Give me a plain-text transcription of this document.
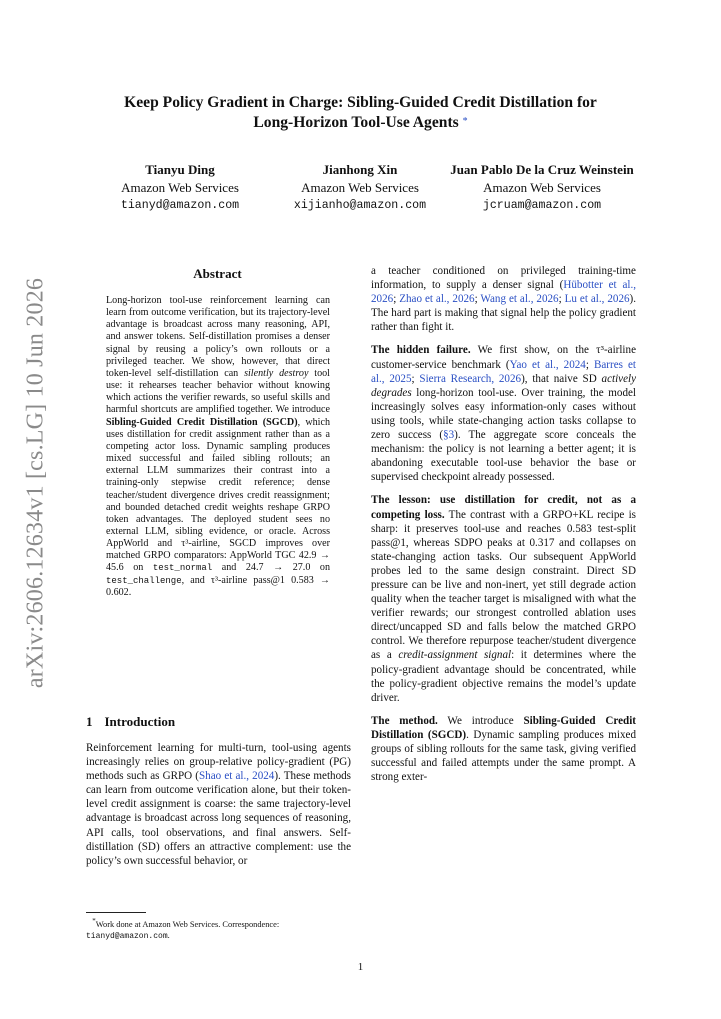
arXiv:2606.12634v1 [cs.LG] 10 Jun 2026
Keep Policy Gradient in Charge: Sibling-Guided Credit Distillation for
Long-Horizon Tool-Use Agents *
Tianyu Ding
Amazon Web Services
tianyd@amazon.com
Jianhong Xin
Amazon Web Services
xijianho@amazon.com
Juan Pablo De la Cruz Weinstein
Amazon Web Services
jcruam@amazon.com
Abstract
Long-horizon tool-use reinforcement learning can learn from outcome verification, but its trajectory-level advantage is broadcast across many reasoning, API, and answer tokens. Self-distillation promises a denser signal by reusing a policy’s own rollouts or a privileged teacher. We show, however, that direct token-level self-distillation can silently destroy tool use: it rehearses teacher behavior without knowing which actions the verifier rewards, so useful skills and harmful shortcuts are amplified together. We introduce Sibling-Guided Credit Distillation (SGCD), which uses distillation for credit assignment rather than as a competing actor loss. Dynamic sampling produces mixed successful and failed sibling rollouts; an external LLM summarizes their contrast into a training-only stepwise credit reference; dense teacher/student divergence drives credit reassignment; and bounded detached credit weights reshape GRPO token advantages. The deployed student sees no external LLM, sibling evidence, or oracle. Across AppWorld and τ³-airline, SGCD improves over matched GRPO comparators: AppWorld TGC 42.9 → 45.6 on test_normal and 24.7 → 27.0 on test_challenge, and τ³-airline pass@1 0.583 → 0.602.
1 Introduction
Reinforcement learning for multi-turn, tool-using agents increasingly relies on group-relative policy-gradient (PG) methods such as GRPO (Shao et al., 2024). These methods can learn from outcome verification alone, but their token-level credit assignment is coarse: the same trajectory-level advantage is broadcast across long sequences of reasoning, API calls, tool observations, and final answers. Self-distillation (SD) offers an attractive complement: use the policy’s own successful behavior, or
*Work done at Amazon Web Services. Correspondence: tianyd@amazon.com.

a teacher conditioned on privileged training-time information, to supply a denser signal (Hübotter et al., 2026; Zhao et al., 2026; Wang et al., 2026; Lu et al., 2026). The hard part is making that signal help the policy gradient rather than fight it.

The hidden failure. We first show, on the τ³-airline customer-service benchmark (Yao et al., 2024; Barres et al., 2025; Sierra Research, 2026), that naive SD actively degrades long-horizon tool-use. Over training, the model increasingly solves easy information-only cases without using tools, while state-changing action tasks collapse to zero success (§3). The aggregate score conceals the mechanism: the policy is not learning a better agent; it is abandoning executable tool-use behavior the base or supervised checkpoint already possessed.

The lesson: use distillation for credit, not as a competing loss. The contrast with a GRPO+KL recipe is sharp: it preserves tool-use and reaches 0.583 test-split pass@1, whereas SDPO peaks at 0.317 and collapses on state-changing action tasks. Our subsequent AppWorld probes led to the same design constraint. Direct SD pressure can be live and non-inert, yet still degrade action quality when the teacher target is misaligned with what the verifier rewards; our strongest controlled ablation uses direct/uncapped SD and falls below the matched GRPO control. We therefore repurpose teacher/student divergence as a credit-assignment signal: it determines where the policy-gradient advantage should be concentrated, while the policy-gradient objective remains the model’s update driver.

The method. We introduce Sibling-Guided Credit Distillation (SGCD). Dynamic sampling produces mixed groups of sibling rollouts for the same task, giving verified successful and failed attempts under the same prompt. A strong exter-

1
